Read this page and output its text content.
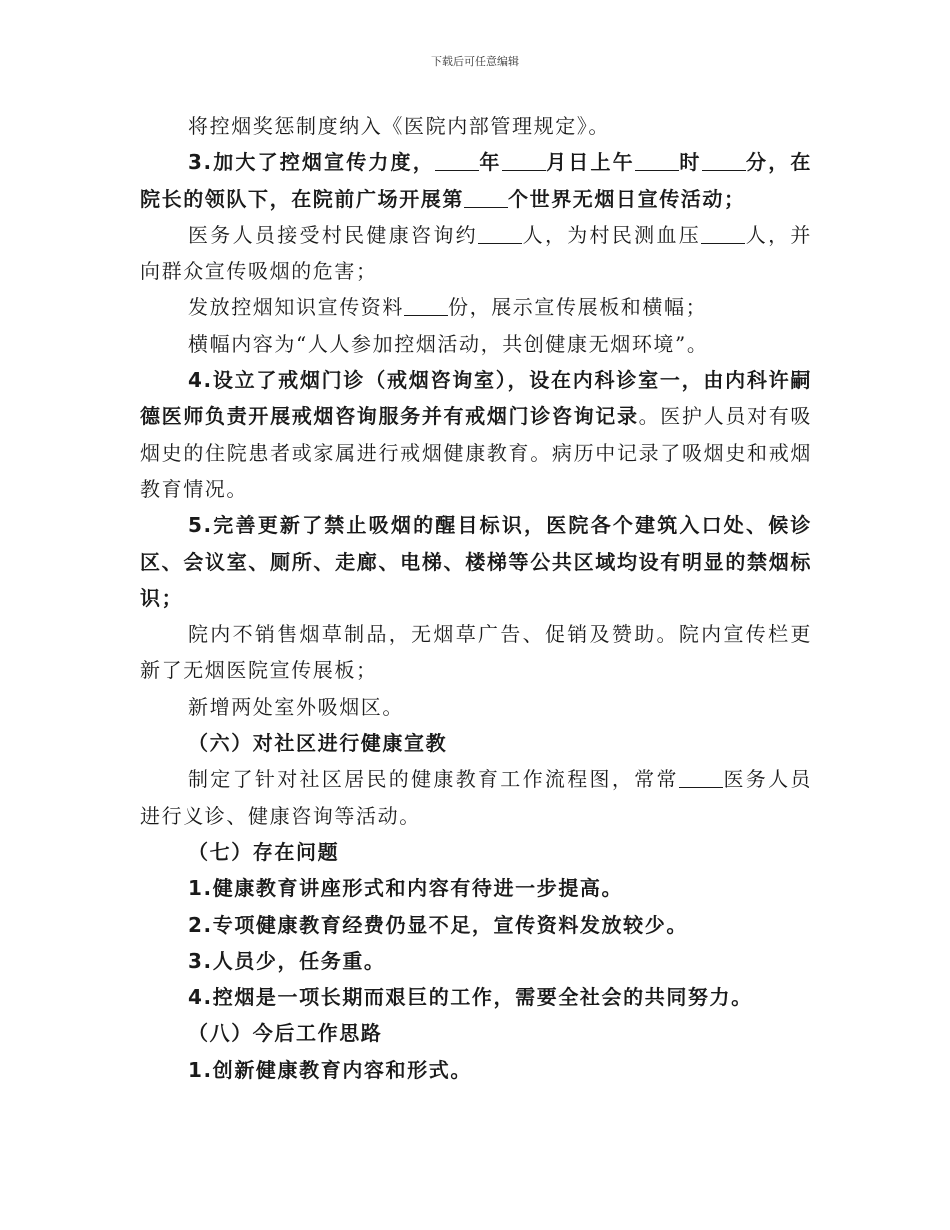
下载后可任意编辑

将控烟奖惩制度纳入《医院内部管理规定》。

3.加大了控烟宣传力度， 年 月日上午 时 分，在院长的领队下，在院前广场开展第 个世界无烟日宣传活动；

医务人员接受村民健康咨询约 人，为村民测血压 人，并向群众宣传吸烟的危害；

发放控烟知识宣传资料 份，展示宣传展板和横幅；

横幅内容为“人人参加控烟活动，共创健康无烟环境”。

4.设立了戒烟门诊（戒烟咨询室），设在内科诊室一，由内科许嗣德医师负责开展戒烟咨询服务并有戒烟门诊咨询记录。医护人员对有吸烟史的住院患者或家属进行戒烟健康教育。病历中记录了吸烟史和戒烟教育情况。

5.完善更新了禁止吸烟的醒目标识，医院各个建筑入口处、候诊区、会议室、厕所、走廊、电梯、楼梯等公共区域均设有明显的禁烟标识；

院内不销售烟草制品，无烟草广告、促销及赞助。院内宣传栏更新了无烟医院宣传展板；

新增两处室外吸烟区。

（六）对社区进行健康宣教

制定了针对社区居民的健康教育工作流程图，常常 医务人员进行义诊、健康咨询等活动。

（七）存在问题

1.健康教育讲座形式和内容有待进一步提高。

2.专项健康教育经费仍显不足，宣传资料发放较少。

3.人员少，任务重。

4.控烟是一项长期而艰巨的工作，需要全社会的共同努力。

（八）今后工作思路

1.创新健康教育内容和形式。
